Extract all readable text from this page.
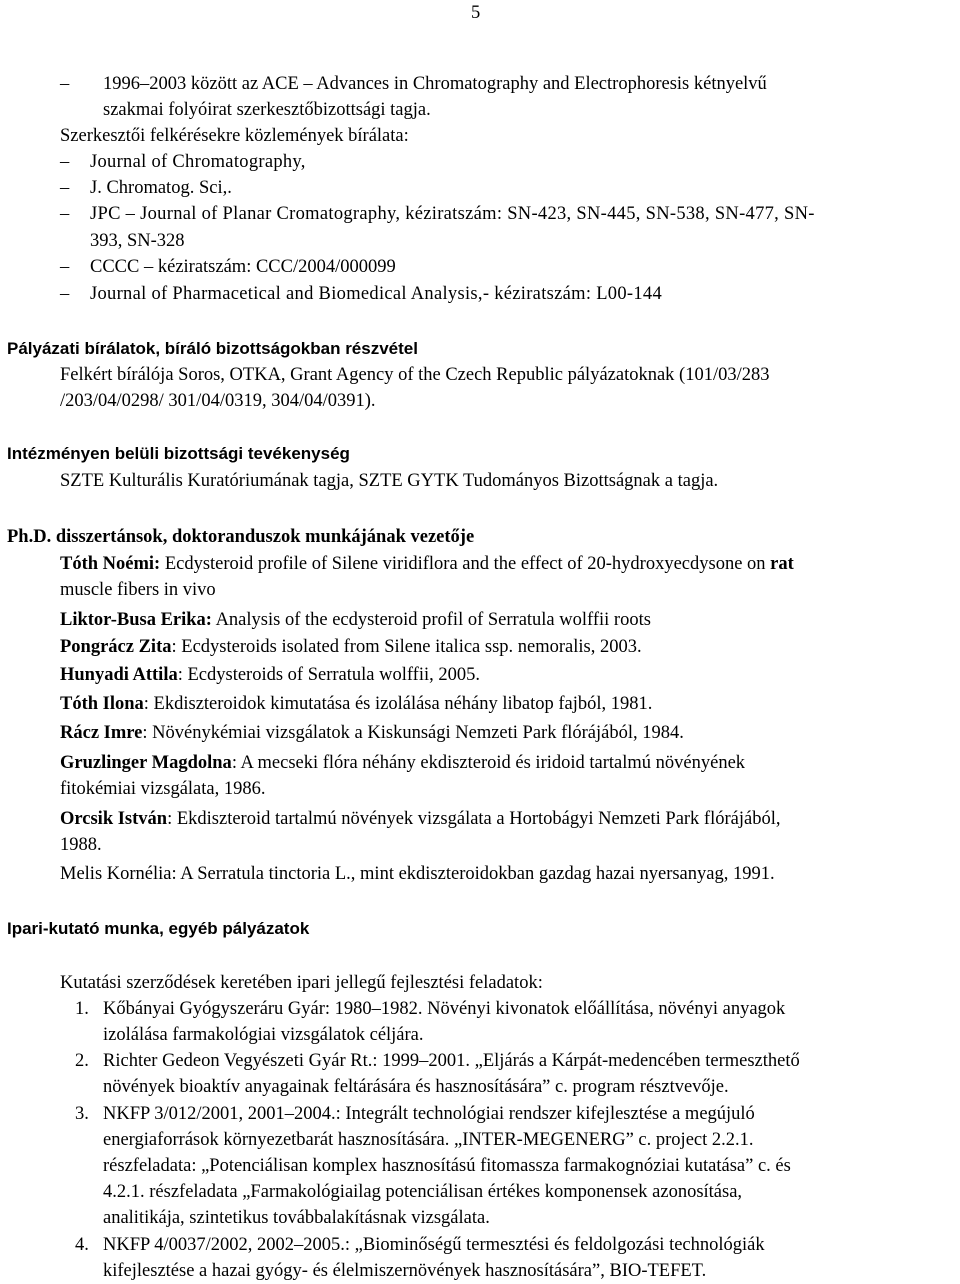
5
– 1996–2003 között az ACE – Advances in Chromatography and Electrophoresis kétnyelvű
szakmai folyóirat szerkesztőbizottsági tagja.
Szerkesztői felkérésekre közlemények bírálata:
– Journal of Chromatography,
– J. Chromatog. Sci,.
– JPC – Journal of Planar Cromatography, kéziratszám: SN-423, SN-445, SN-538, SN-477, SN-
393, SN-328
– CCCC – kéziratszám: CCC/2004/000099
– Journal of Pharmacetical and Biomedical Analysis,- kéziratszám: L00-144
Pályázati bírálatok, bíráló bizottságokban részvétel
Felkért bírálója Soros, OTKA, Grant Agency of the Czech Republic pályázatoknak (101/03/283
/203/04/0298/ 301/04/0319, 304/04/0391).
Intézményen belüli bizottsági tevékenység
SZTE Kulturális Kuratóriumának tagja, SZTE GYTK Tudományos Bizottságnak a tagja.
Ph.D. disszertánsok, doktoranduszok munkájának vezetője
Tóth Noémi: Ecdysteroid profile of Silene viridiflora and the effect of 20-hydroxyecdysone on rat
muscle fibers in vivo
Liktor-Busa Erika: Analysis of the ecdysteroid profil of Serratula wolffii roots
Pongrácz Zita: Ecdysteroids isolated from Silene italica ssp. nemoralis, 2003.
Hunyadi Attila: Ecdysteroids of Serratula wolffii, 2005.
Tóth Ilona: Ekdiszteroidok kimutatása és izolálása néhány libatop fajból, 1981.
Rácz Imre: Növénykémiai vizsgálatok a Kiskunsági Nemzeti Park flórájából, 1984.
Gruzlinger Magdolna: A mecseki flóra néhány ekdiszteroid és iridoid tartalmú növényének
fitokémiai vizsgálata, 1986.
Orcsik István: Ekdiszteroid tartalmú növények vizsgálata a Hortobágyi Nemzeti Park flórájából,
1988.
Melis Kornélia: A Serratula tinctoria L., mint ekdiszteroidokban gazdag hazai nyersanyag, 1991.
Ipari-kutató munka, egyéb pályázatok
Kutatási szerződések keretében ipari jellegű fejlesztési feladatok:
1. Kőbányai Gyógyszeráru Gyár: 1980–1982. Növényi kivonatok előállítása, növényi anyagok
izolálása farmakológiai vizsgálatok céljára.
2. Richter Gedeon Vegyészeti Gyár Rt.: 1999–2001. „Eljárás a Kárpát-medencében termeszthető
növények bioaktív anyagainak feltárására és hasznosítására” c. program résztvevője.
3. NKFP 3/012/2001, 2001–2004.: Integrált technológiai rendszer kifejlesztése a megújuló
energiaforrások környezetbarát hasznosítására. „INTER-MEGENERG” c. project 2.2.1.
részfeladata: „Potenciálisan komplex hasznosítású fitomassza farmakognóziai kutatása” c. és
4.2.1. részfeladata „Farmakológiailag potenciálisan értékes komponensek azonosítása,
analitikája, szintetikus továbbalakításnak vizsgálata.
4. NKFP 4/0037/2002, 2002–2005.: „Biominőségű termesztési és feldolgozási technológiák
kifejlesztése a hazai gyógy- és élelmiszernövények hasznosítására”, BIO-TEFET.
